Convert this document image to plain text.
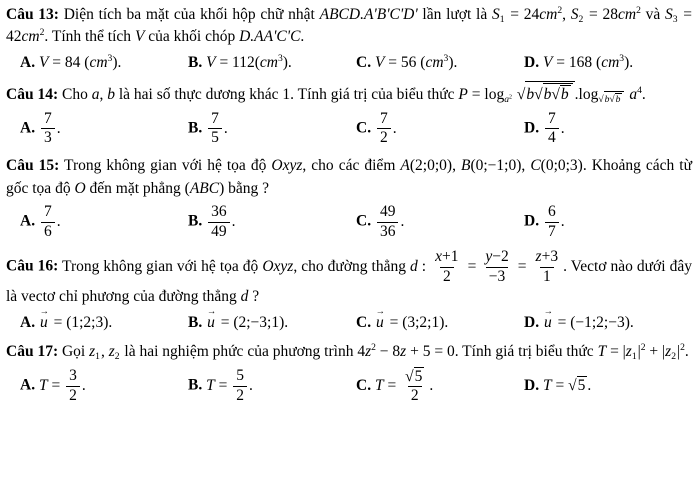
Câu 13: Diện tích ba mặt của khối hộp chữ nhật ABCD.A'B'C'D' lần lượt là $S_1 = 24cm^2$, $S_2 = 28cm^2$ và $S_3 = 42cm^2$. Tính thể tích V của khối chóp D.AA'C'C.

A. V = 84 $(cm^3)$.	B. $V = 112(cm^3)$.	C. V = 56 $(cm^3)$.	D. V = 168 $(cm^3)$.

Câu 14: Cho a, b là hai số thực dương khác 1. Tính giá trị của biểu thức $P = \log_{a^2}$ √ b √ b √ b .log $_{√ b √ b}$ $a^4$.

A. $\frac{7}{3}$ .	B. $\frac{7}{5}$ .	C. $\frac{7}{2}$ .	D. $\frac{7}{4}$ .

Câu 15: Trong không gian với hệ tọa độ Oxyz, cho các điểm A(2;0;0), B(0;−1;0), C(0;0;3). Khoảng cách từ gốc tọa độ O đến mặt phẳng (ABC) bằng ?

A. $\frac{7}{6}$ .	B. $\frac{36}{49}$ .	C. $\frac{49}{36}$ .	D. $\frac{6}{7}$ .

Câu 16: Trong không gian với hệ tọa độ Oxyz, cho đường thẳng d : $\frac{x+1}{2} = \frac{y-2}{-3} = \frac{z+3}{1}$ . Vectơ nào dưới đây là vectơ chỉ phương của đường thẳng d ?

A. u → = (1;2;3).	B. u → = (2;−3;1).	C. u → = (3;2;1).	D. u → = (−1;2;−3).

Câu 17: Gọi $z_1$, $z_2$ là hai nghiệm phức của phương trình $4z^2 - 8z + 5 = 0$. Tính giá trị biểu thức $T = |z_1|^2 + |z_2|^2$.

A. $T = \frac{3}{2}$ .	B. $T = \frac{5}{2}$ .	C. $T = \frac{√ 5}{2}$ .	D. T = √ 5 .
